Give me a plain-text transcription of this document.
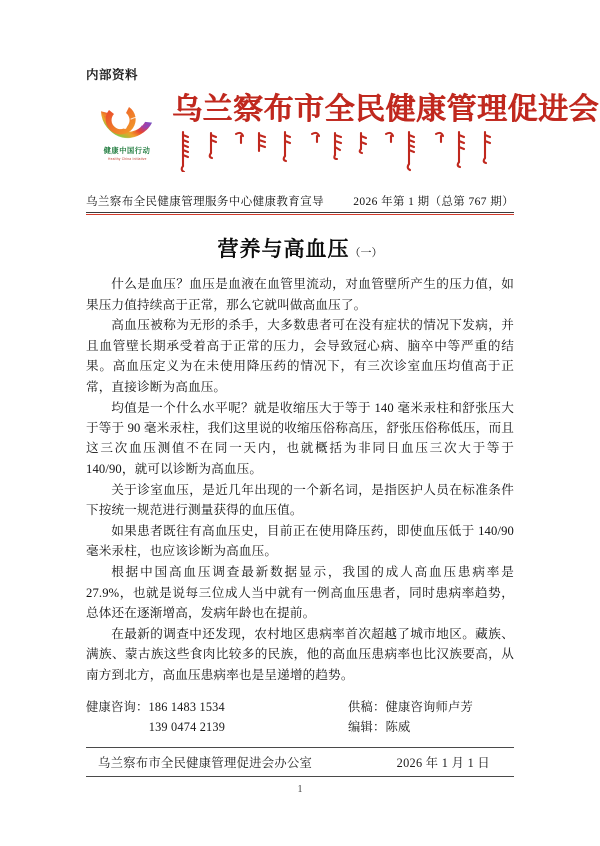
内部资料
健康中国行动
Healthy China Initiative
乌兰察布市全民健康管理促进会
乌兰察布全民健康管理服务中心健康教育宣导	2026 年第 1 期（总第 767 期）
营养与高血压（一）

什么是血压？血压是血液在血管里流动，对血管壁所产生的压力值，如果压力值持续高于正常，那么它就叫做高血压了。

高血压被称为无形的杀手，大多数患者可在没有症状的情况下发病，并且血管壁长期承受着高于正常的压力，会导致冠心病、脑卒中等严重的结果。高血压定义为在未使用降压药的情况下，有三次诊室血压均值高于正常，直接诊断为高血压。

均值是一个什么水平呢？就是收缩压大于等于 140 毫米汞柱和舒张压大于等于 90 毫米汞柱，我们这里说的收缩压俗称高压，舒张压俗称低压，而且这三次血压测值不在同一天内，也就概括为非同日血压三次大于等于 140/90，就可以诊断为高血压。

关于诊室血压，是近几年出现的一个新名词，是指医护人员在标准条件下按统一规范进行测量获得的血压值。

如果患者既往有高血压史，目前正在使用降压药，即使血压低于 140/90 毫米汞柱，也应该诊断为高血压。

根据中国高血压调查最新数据显示，我国的成人高血压患病率是 27.9%，也就是说每三位成人当中就有一例高血压患者，同时患病率趋势，总体还在逐渐增高，发病年龄也在提前。

在最新的调查中还发现，农村地区患病率首次超越了城市地区。藏族、满族、蒙古族这些食肉比较多的民族，他的高血压患病率也比汉族要高，从南方到北方，高血压患病率也是呈递增的趋势。

健康咨询： 186 1483 1534
139 0474 2139
供稿： 健康咨询师卢芳
编辑： 陈威
乌兰察布市全民健康管理促进会办公室	2026 年 1 月 1 日
1
